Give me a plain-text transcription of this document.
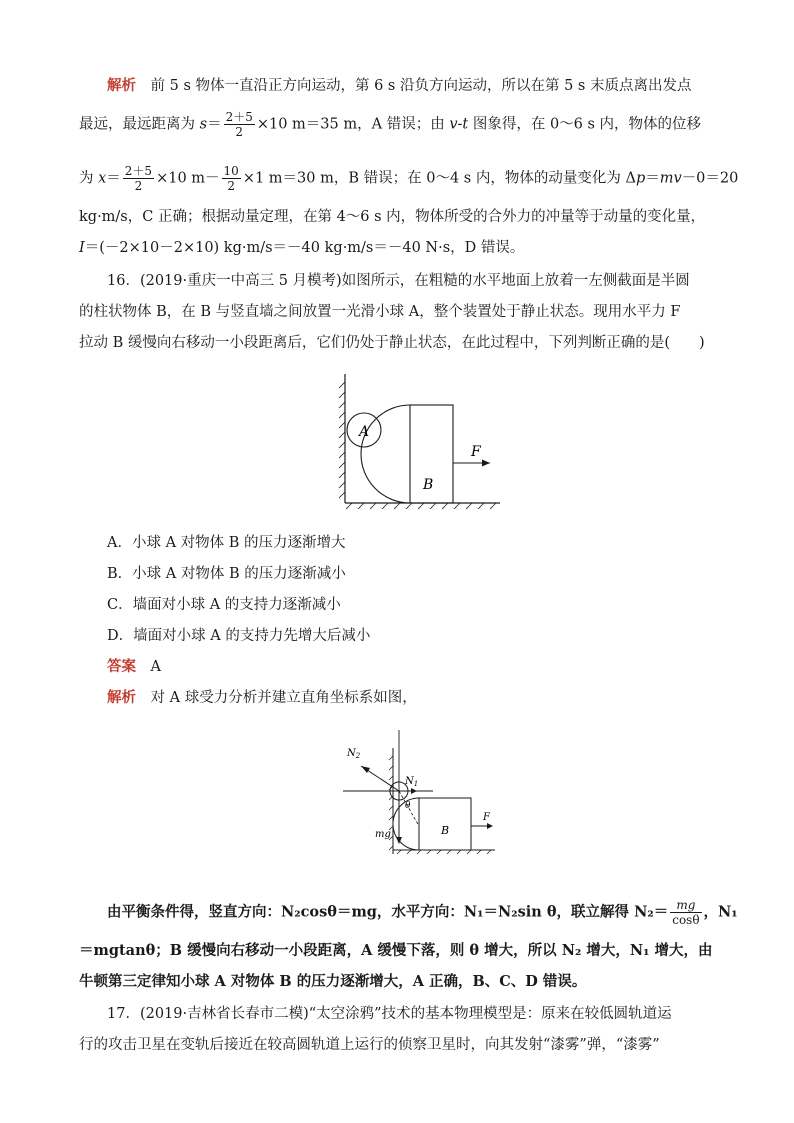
解析　 前 5 s 物体一直沿正方向运动，第 6 s 沿负方向运动，所以在第 5 s 末质点离出发点
最远，最远距离为 $s= \frac{2+5}{2} \times 10$ m＝35 m，A 错误；由 v-t 图象得，在 0～6 s 内，物体的位移
为 $x= \frac{2+5}{2} \times 10$ $m- \frac{10}{2} \times 1$ m＝30 m，B 错误；在 0～4 s 内，物体的动量变化为 Δp＝mv－0＝20
kg·m/s，C 正确；根据动量定理，在第 4～6 s 内，物体所受的合外力的冲量等于动量的变化量，
I＝(－2×10－2×10) kg·m/s＝－40 kg·m/s＝－40 N·s，D 错误。
16．(2019·重庆一中高三 5 月模考)如图所示，在粗糙的水平地面上放着一左侧截面是半圆
的柱状物体 B，在 B 与竖直墙之间放置一光滑小球 A，整个装置处于静止状态。现用水平力 F
拉动 B 缓慢向右移动一小段距离后，它们仍处于静止状态，在此过程中，下列判断正确的是(　　)
A
B
F
A．小球 A 对物体 B 的压力逐渐增大
B．小球 A 对物体 B 的压力逐渐减小
C．墙面对小球 A 的支持力逐渐减小
D．墙面对小球 A 的支持力先增大后减小
答案　 A
解析　 对 A 球受力分析并建立直角坐标系如图，
$N_2$
$N_1$
θ
mg	B
F
由平衡条件得，竖直方向：N₂cosθ＝mg，水平方向：N₁＝N₂sin θ，联立解得 $N_2= \frac{mg}{\cos\theta}$ ，N₁
＝mgtanθ；B 缓慢向右移动一小段距离，A 缓慢下落，则 θ 增大，所以 N₂ 增大，N₁ 增大，由
牛顿第三定律知小球 A 对物体 B 的压力逐渐增大，A 正确，B、C、D 错误。
17．(2019·吉林省长春市二模)“太空涂鸦”技术的基本物理模型是：原来在较低圆轨道运
行的攻击卫星在变轨后接近在较高圆轨道上运行的侦察卫星时，向其发射“漆雾”弹，“漆雾”
